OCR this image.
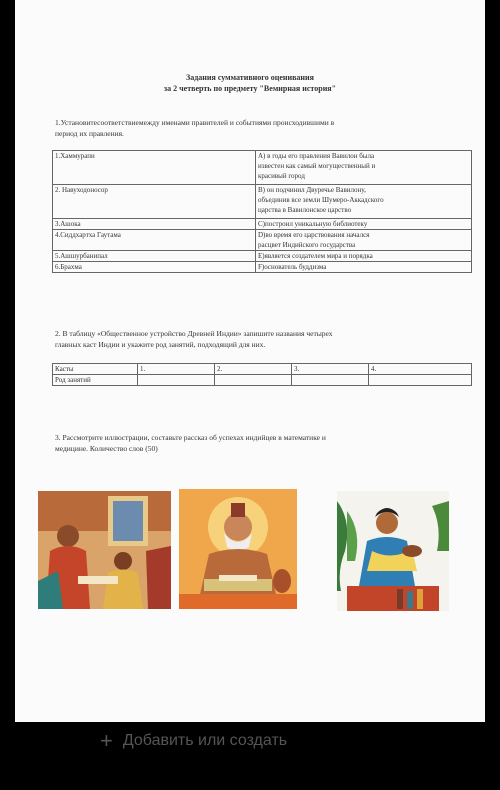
Задания суммативного оценивания
за 2 четверть по предмету "Вемирная история"
1.Установитесоответствиемежду именами правителей и событиями происходившими в
период их правления.
1.Хаммурапи	А) в годы его правления Вавилон была
известен как самый могущественный и
красивый город

2. Навуходоносор	В) он подчинил Двуречье Вавилону,
объединив все земли Шумеро-Аккадского
царства в Вавилонское царство

3.Ашока	С)построил уникальную библиотеку

4.Сиддхартха Гаутама	D)во время его царствования начался
расцвет Индийского государства

5.Ашшурбанипал	Е)является создателем мира и порядка

6.Брахма	F)основатель буддизма
2. В таблицу «Общественное устройство Древней Индии» запишите названия четырех
главных каст Индии и укажите род занятий, подходящий для них.
Касты	1.	2.	3.	4.
Род занятий				
3. Рассмотрите иллюстрации, составьте рассказ об успехах индийцев в математике и
медицине. Количество слов (50)
+ Добавить или создать
